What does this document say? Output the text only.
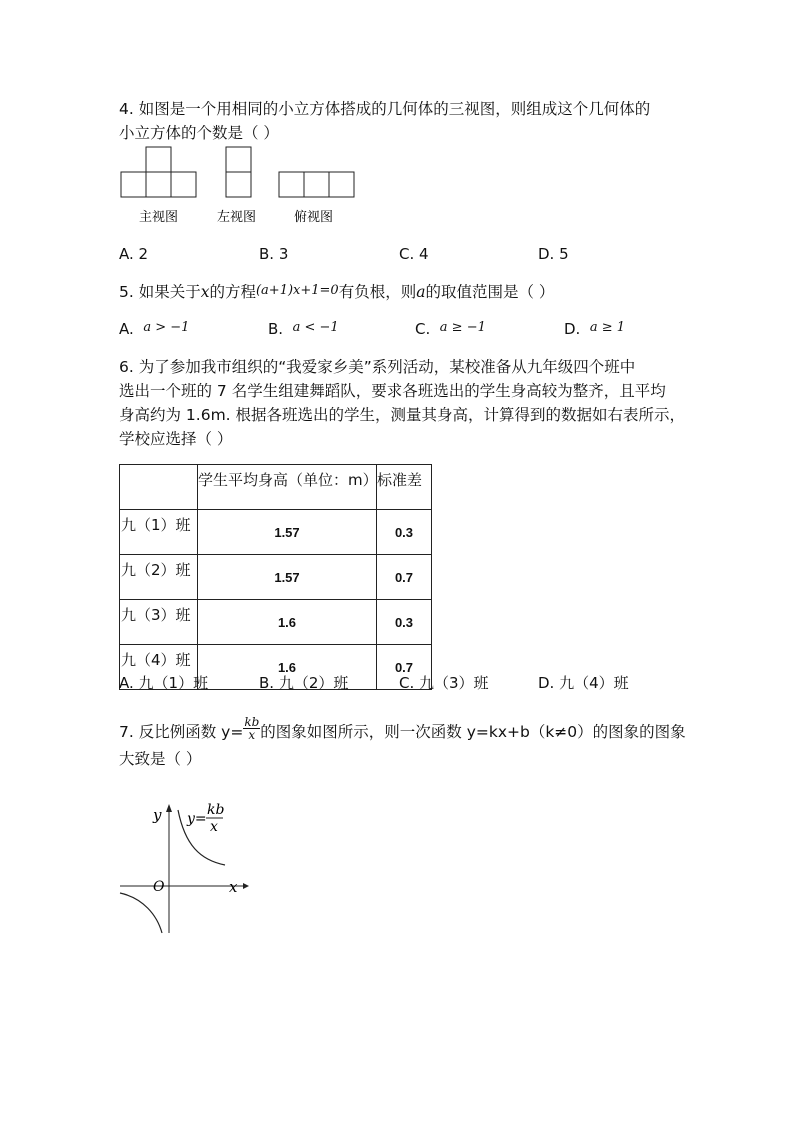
4. 如图是一个用相同的小立方体搭成的几何体的三视图，则组成这个几何体的
小立方体的个数是（ ）
主视图	左视图	俯视图
A. 2	B. 3	C. 4	D. 5
5. 如果关于x的方程(a+1)x+1=0有负根，则a的取值范围是（ ）
A. a > −1	B. a < −1	C. a ≥ −1	D. a ≥ 1
6. 为了参加我市组织的“我爱家乡美”系列活动，某校准备从九年级四个班中
选出一个班的 7 名学生组建舞蹈队，要求各班选出的学生身高较为整齐，且平均
身高约为 1.6m. 根据各班选出的学生，测量其身高，计算得到的数据如右表所示，
学校应选择（ ）
	学生平均身高（单位：m）	标准差
九（1）班	1.57	0.3
九（2）班	1.57	0.7
九（3）班	1.6	0.3
九（4）班	1.6	0.7
A. 九（1）班	B. 九（2）班	C. 九（3）班	D. 九（4）班
7. 反比例函数 $y= \frac{kb}{x}$ 的图象如图所示，则一次函数 y=kx+b（k≠0）的图象的图象
大致是（ ）
y
x
O
y=
kb
x
